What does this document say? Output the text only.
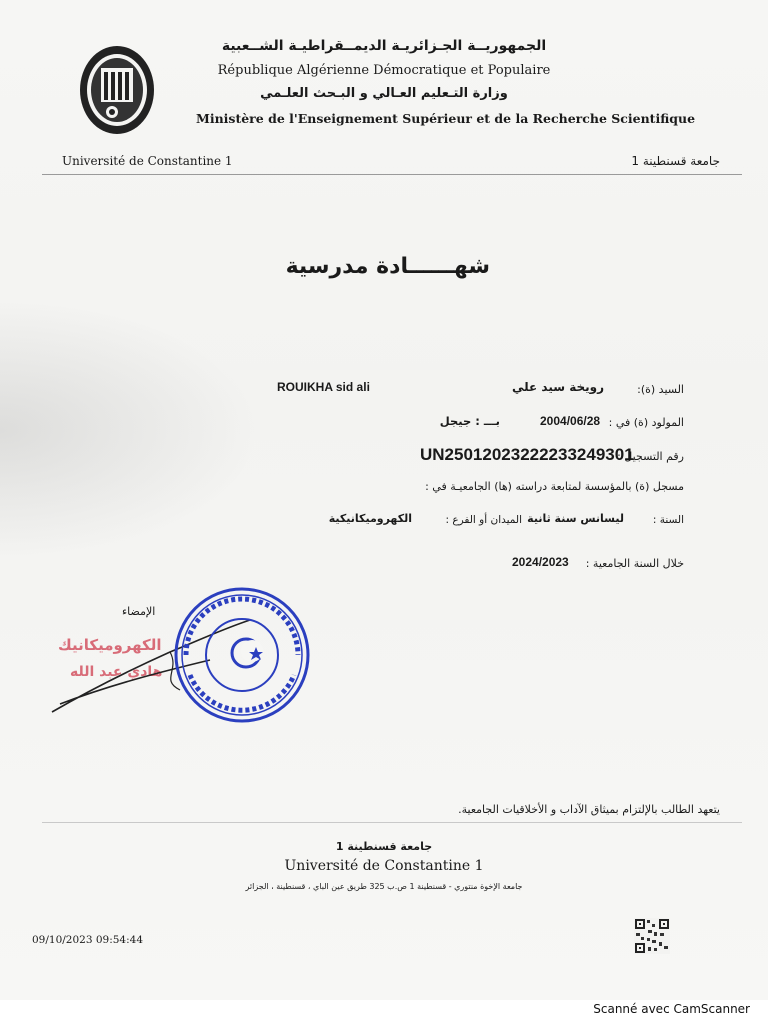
الجمهوريــة الجـزائريـة الديمــقراطيـة الشــعبية
République Algérienne Démocratique et Populaire
وزارة التـعليم العـالي و البـحث العلـمي
Ministère de l'Enseignement Supérieur et de la Recherche Scientifique
Université de Constantine 1	جامعة قسنطينة 1
شهــــــادة مدرسية
السيد (ة):
رويخة سيد علي
ROUIKHA sid ali
المولود (ة) في :
2004/06/28
بـــ : جيجل
رقم التسجيل :
UN25012023222233249301
مسجل (ة) بالمؤسسة لمتابعة دراسته (ها) الجامعيـة في :
السنة :
ليسانس سنة ثانية
الميدان أو الفرع :
الكهروميكانيكية
خلال السنة الجامعية :
2024/2023
الإمضاء
الكهروميكانيك
هادي عبد الله
يتعهد الطالب بالإلتزام بميثاق الآداب و الأخلاقيات الجامعية.
جامعة قسنطينة 1
Université de Constantine 1
جامعة الإخوة منتوري - قسنطينة 1 ص.ب 325 طريق عين الباي ، قسنطينة ، الجزائر
09/10/2023 09:54:44
Scanné avec CamScanner
